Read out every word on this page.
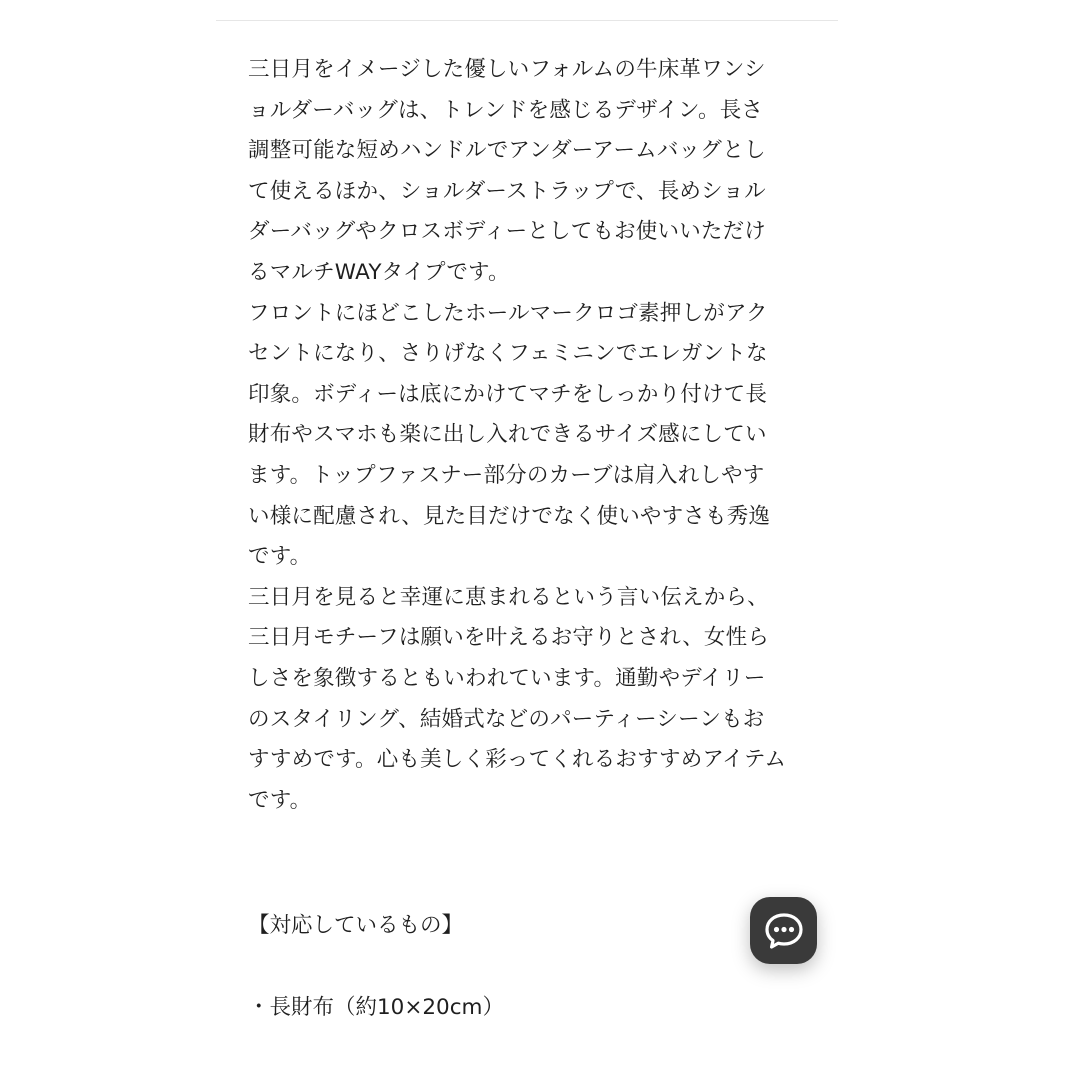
三日月をイメージした優しいフォルムの牛床革ワンシ
ョルダーバッグは、トレンドを感じるデザイン。長さ
調整可能な短めハンドルでアンダーアームバッグとし
て使えるほか、ショルダーストラップで、長めショル
ダーバッグやクロスボディーとしてもお使いいただけ
るマルチWAYタイプです。
フロントにほどこしたホールマークロゴ素押しがアク
セントになり、さりげなくフェミニンでエレガントな
印象。ボディーは底にかけてマチをしっかり付けて長
財布やスマホも楽に出し入れできるサイズ感にしてい
ます。トップファスナー部分のカーブは肩入れしやす
い様に配慮され、見た目だけでなく使いやすさも秀逸
です。
三日月を見ると幸運に恵まれるという言い伝えから、
三日月モチーフは願いを叶えるお守りとされ、女性ら
しさを象徴するともいわれています。通勤やデイリー
のスタイリング、結婚式などのパーティーシーンもお
すすめです。心も美しく彩ってくれるおすすめアイテム
です。
【対応しているもの】
・長財布（約10×20cm）
